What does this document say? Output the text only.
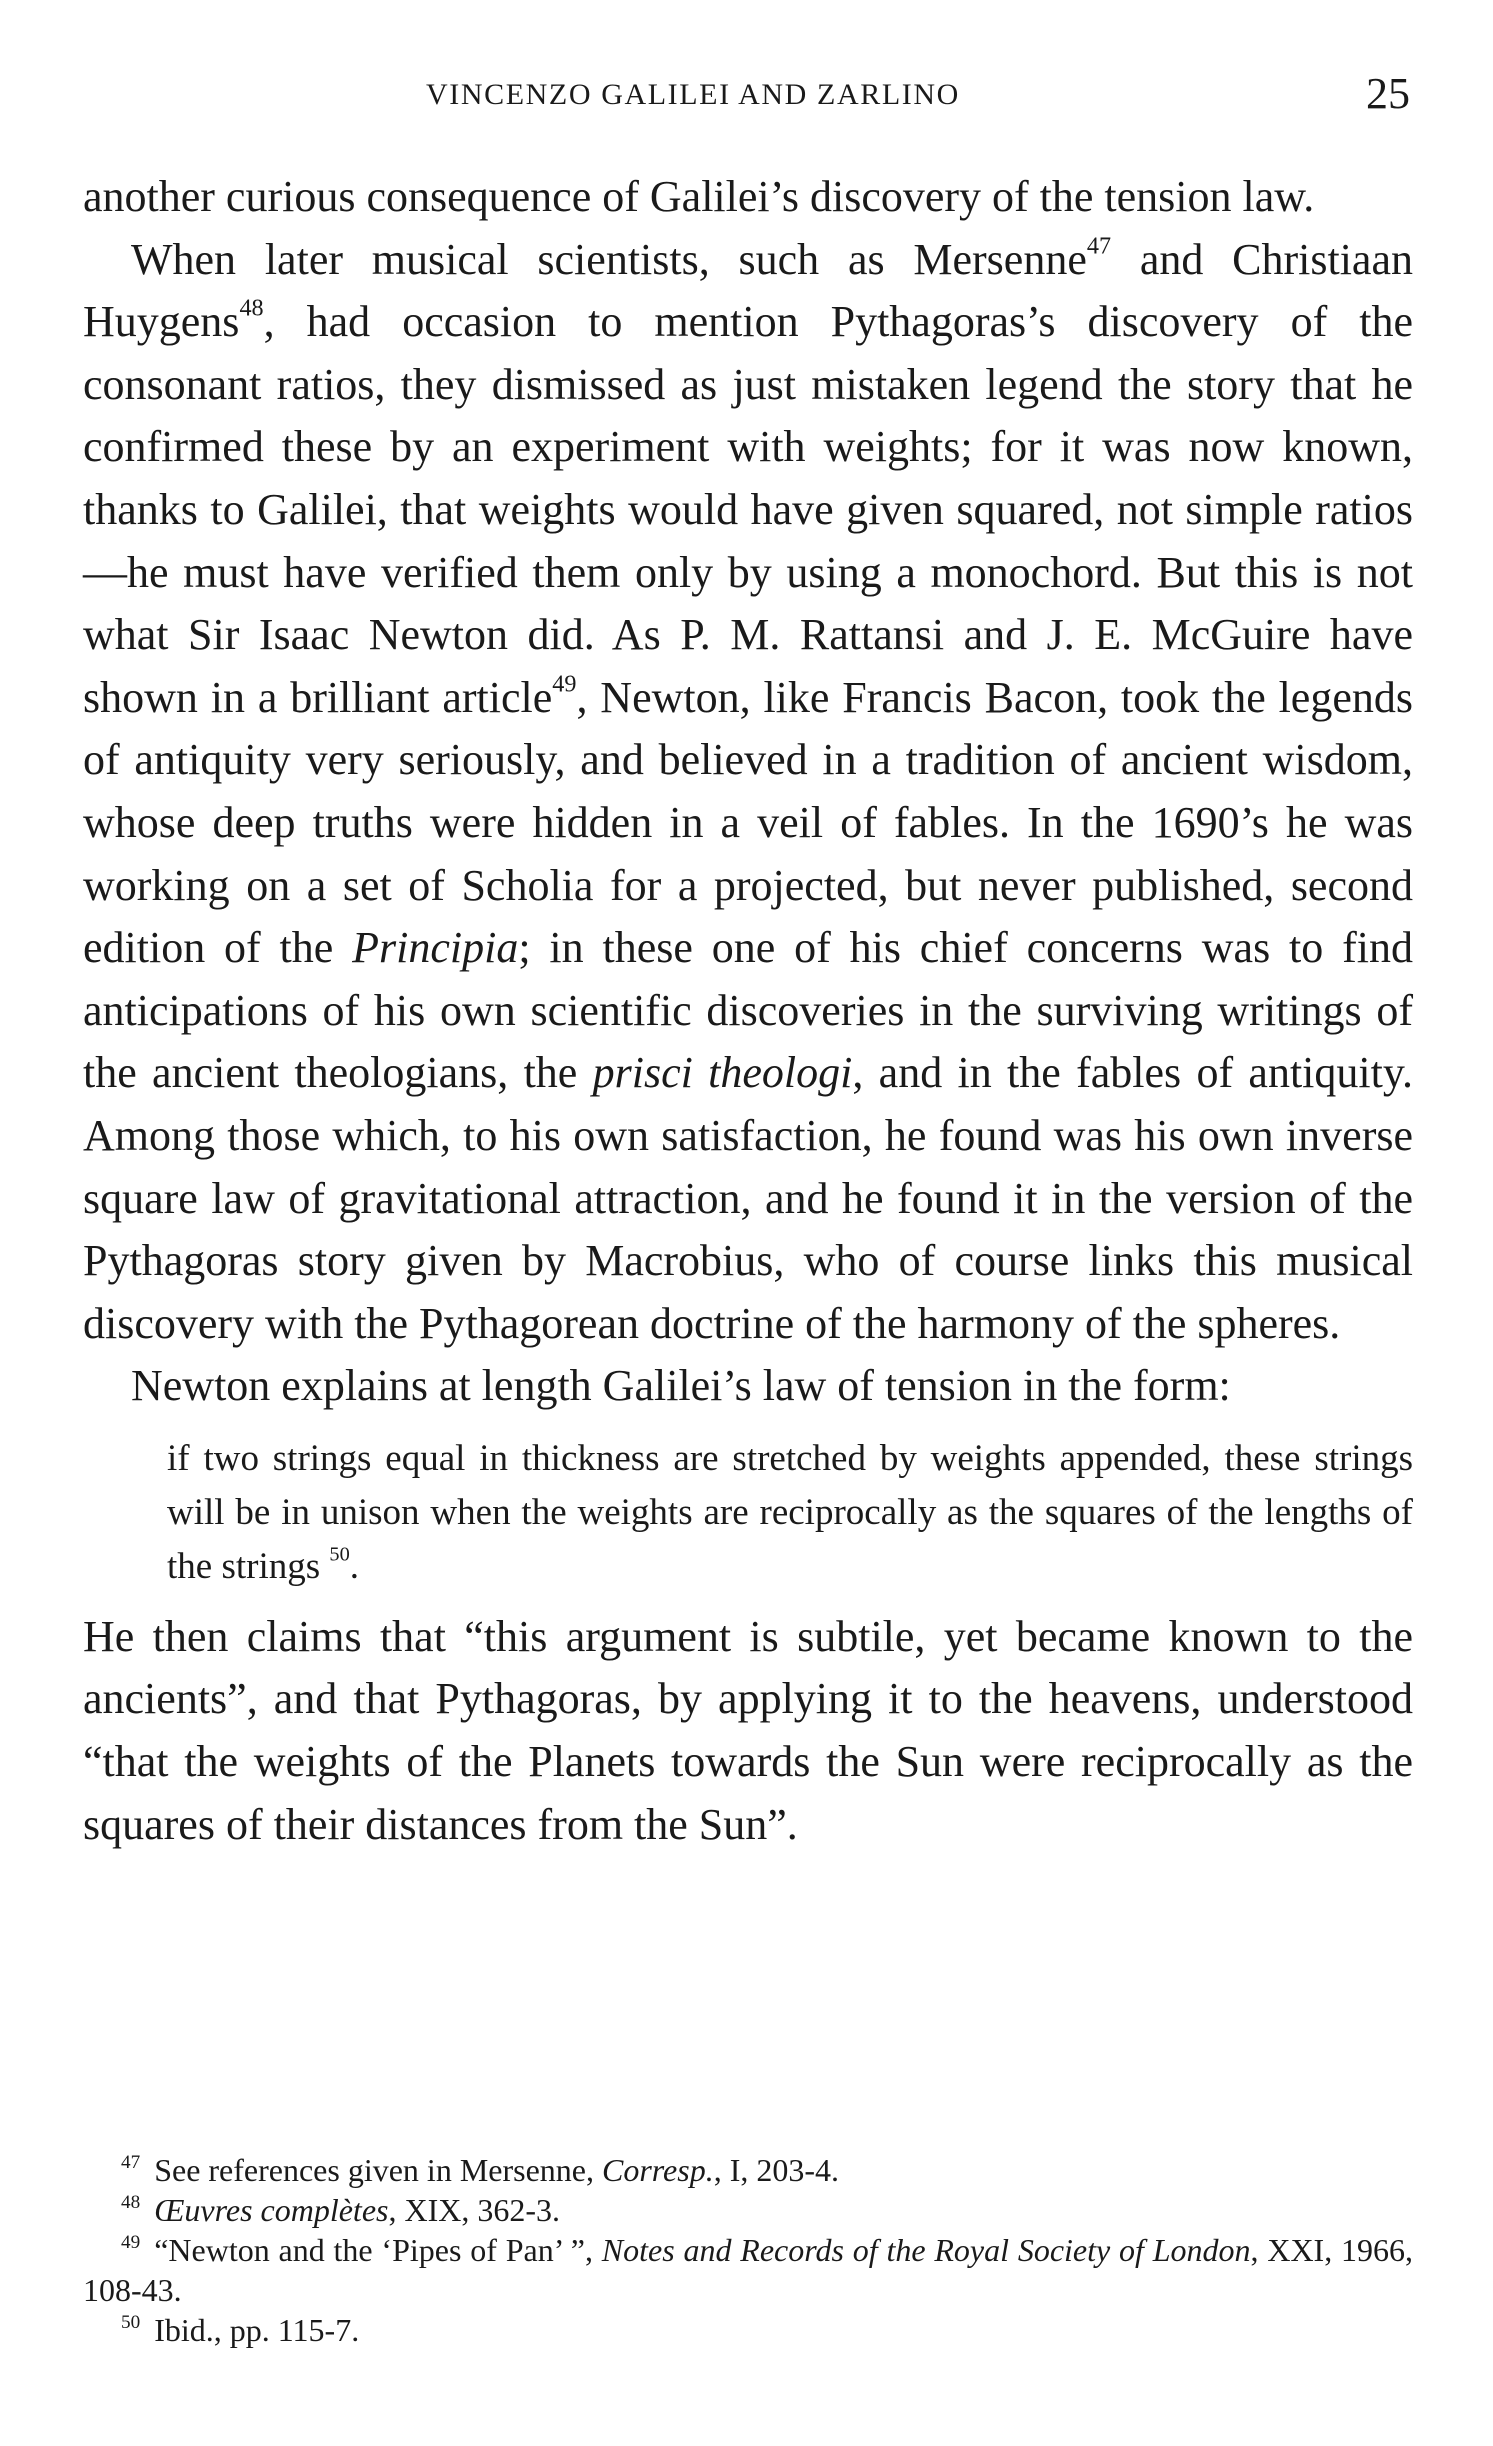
VINCENZO GALILEI AND ZARLINO	25

another curious consequence of Galilei’s discovery of the tension law.

When later musical scientists, such as Mersenne$^{47}$ and Christiaan Huygens$^{48}$, had occasion to mention Pythagoras’s discovery of the consonant ratios, they dismissed as just mistaken legend the story that he confirmed these by an experiment with weights; for it was now known, thanks to Galilei, that weights would have given squared, not simple ratios—he must have verified them only by using a monochord. But this is not what Sir Isaac Newton did. As P. M. Rattansi and J. E. McGuire have shown in a brilliant article$^{49}$, Newton, like Francis Bacon, took the legends of antiquity very seriously, and believed in a tradition of ancient wisdom, whose deep truths were hidden in a veil of fables. In the 1690’s he was working on a set of Scholia for a projected, but never published, second edition of the Principia; in these one of his chief concerns was to find anticipations of his own scientific discoveries in the surviving writings of the ancient theologians, the prisci theologi, and in the fables of antiquity. Among those which, to his own satisfaction, he found was his own inverse square law of gravitational attraction, and he found it in the version of the Pythagoras story given by Macrobius, who of course links this musical discovery with the Pythagorean doctrine of the harmony of the spheres.

Newton explains at length Galilei’s law of tension in the form:

if two strings equal in thickness are stretched by weights appended, these strings will be in unison when the weights are reciprocally as the squares of the lengths of the strings $^{50}$.

He then claims that “this argument is subtile, yet became known to the ancients”, and that Pythagoras, by applying it to the heavens, understood “that the weights of the Planets towards the Sun were reciprocally as the squares of their distances from the Sun”.

$^{47}$ See references given in Mersenne, Corresp., I, 203-4.

$^{48}$ Œuvres complètes, XIX, 362-3.

$^{49}$ “Newton and the ‘Pipes of Pan’ ”, Notes and Records of the Royal Society of London, XXI, 1966, 108-43.

$^{50}$ Ibid., pp. 115-7.
